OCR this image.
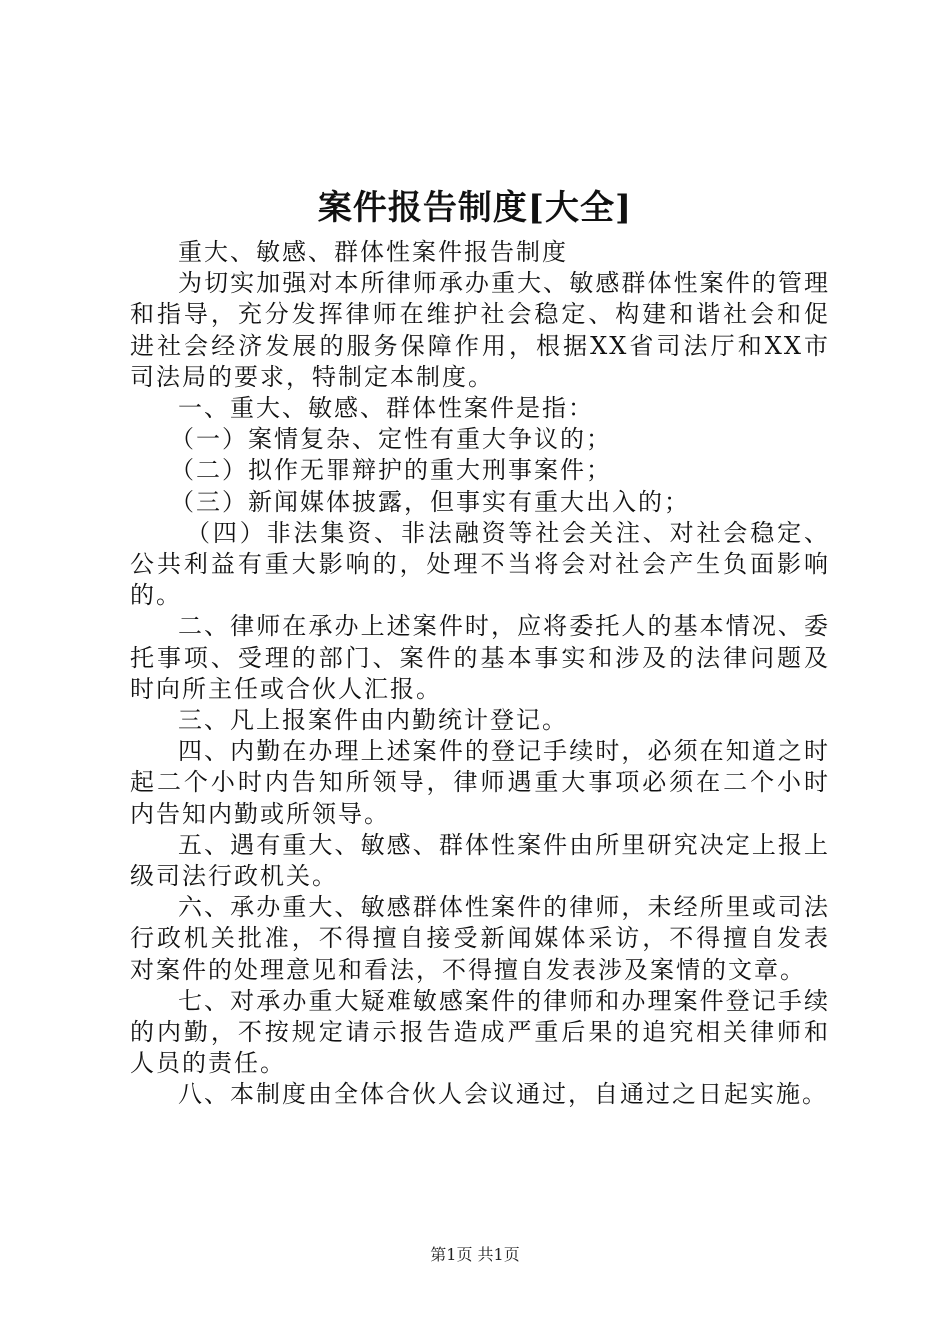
案件报告制度[大全]

重大、敏感、群体性案件报告制度

为切实加强对本所律师承办重大、敏感群体性案件的管理和指导，充分发挥律师在维护社会稳定、构建和谐社会和促进社会经济发展的服务保障作用，根据XX省司法厅和XX市司法局的要求，特制定本制度。

一、重大、敏感、群体性案件是指：

（一）案情复杂、定性有重大争议的；

（二）拟作无罪辩护的重大刑事案件；

（三）新闻媒体披露，但事实有重大出入的；

（四）非法集资、非法融资等社会关注、对社会稳定、公共利益有重大影响的，处理不当将会对社会产生负面影响的。

二、律师在承办上述案件时，应将委托人的基本情况、委托事项、受理的部门、案件的基本事实和涉及的法律问题及时向所主任或合伙人汇报。

三、凡上报案件由内勤统计登记。

四、内勤在办理上述案件的登记手续时，必须在知道之时起二个小时内告知所领导，律师遇重大事项必须在二个小时内告知内勤或所领导。

五、遇有重大、敏感、群体性案件由所里研究决定上报上级司法行政机关。

六、承办重大、敏感群体性案件的律师，未经所里或司法行政机关批准，不得擅自接受新闻媒体采访，不得擅自发表对案件的处理意见和看法，不得擅自发表涉及案情的文章。

七、对承办重大疑难敏感案件的律师和办理案件登记手续的内勤，不按规定请示报告造成严重后果的追究相关律师和人员的责任。

八、本制度由全体合伙人会议通过，自通过之日起实施。

第1页 共1页
